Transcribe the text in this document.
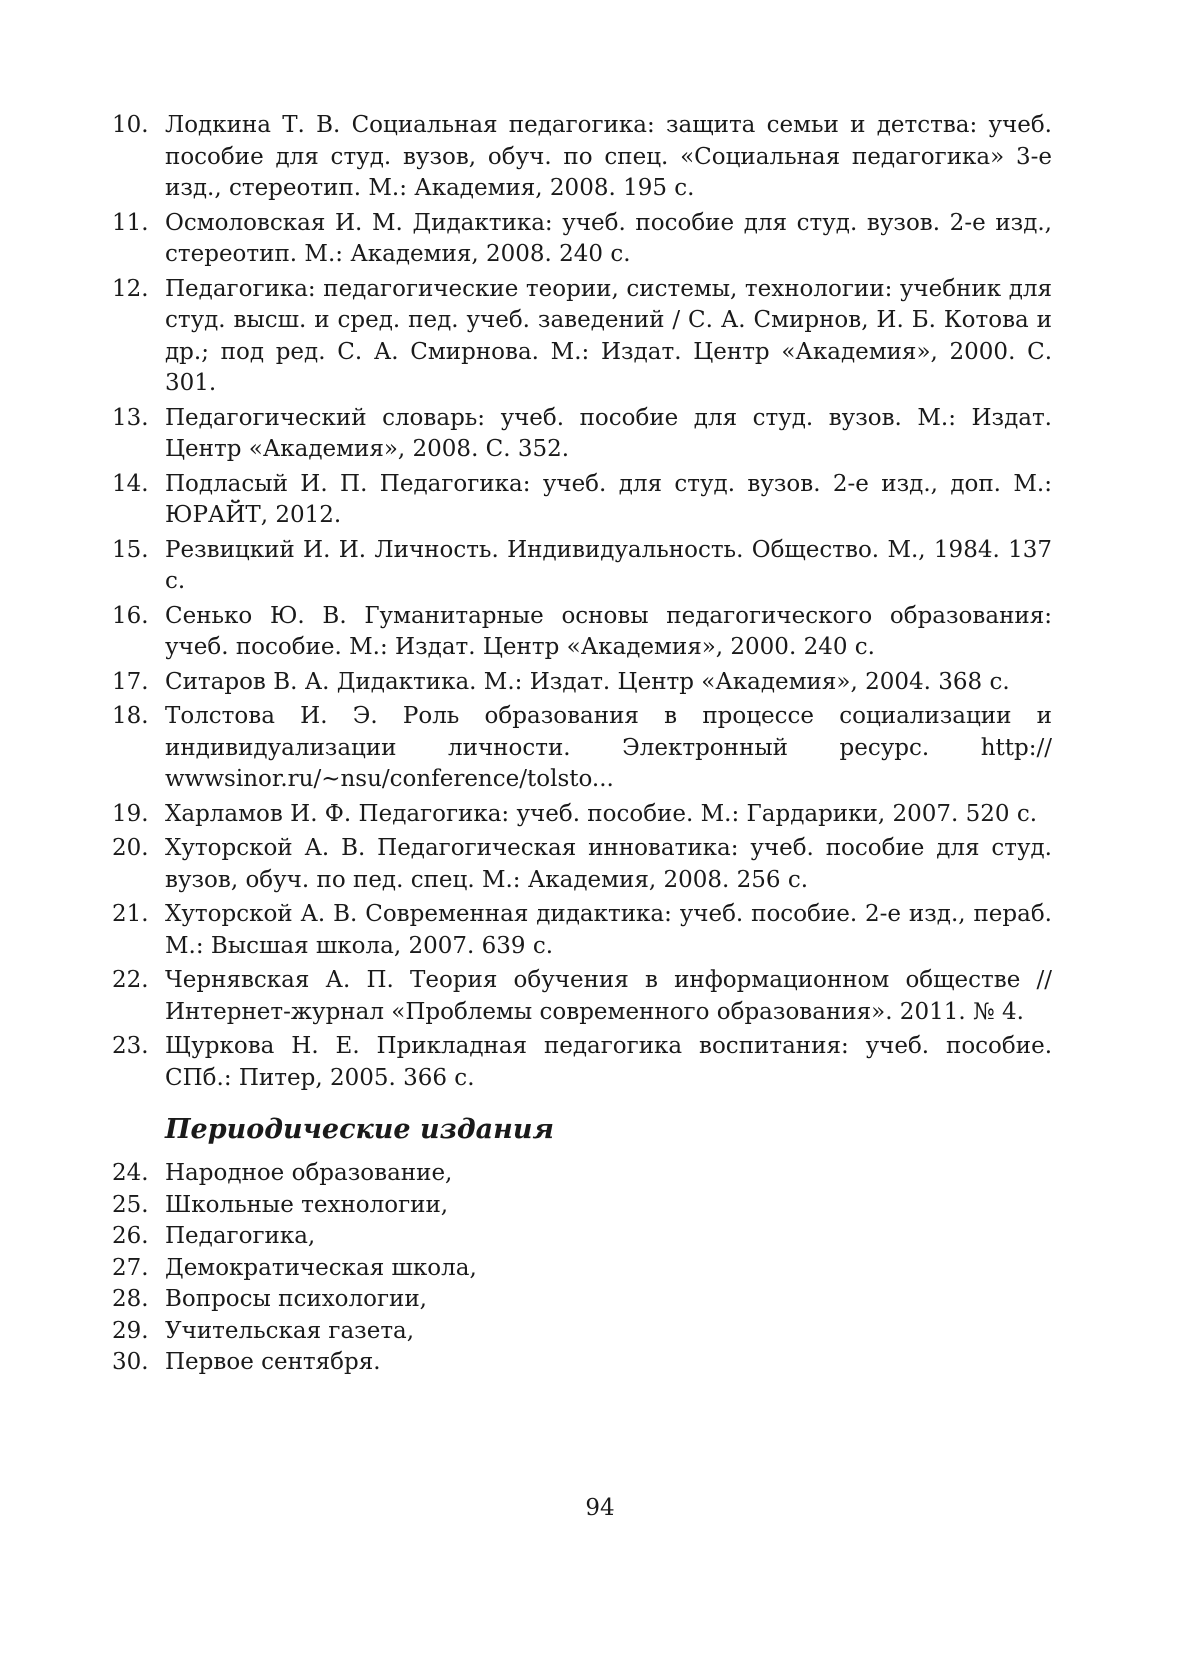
10. Лодкина Т. В. Социальная педагогика: защита семьи и детства: учеб. пособие для студ. вузов, обуч. по спец. «Социальная педагогика» 3-е изд., стереотип. М.: Академия, 2008. 195 с.
11. Осмоловская И. М. Дидактика: учеб. пособие для студ. вузов. 2-е изд., стереотип. М.: Академия, 2008. 240 с.
12. Педагогика: педагогические теории, системы, технологии: учебник для студ. высш. и сред. пед. учеб. заведений / С. А. Смирнов, И. Б. Котова и др.; под ред. С. А. Смирнова. М.: Издат. Центр «Академия», 2000. С. 301.
13. Педагогический словарь: учеб. пособие для студ. вузов. М.: Издат. Центр «Академия», 2008. С. 352.
14. Подласый И. П. Педагогика: учеб. для студ. вузов. 2-е изд., доп. М.: ЮРАЙТ, 2012.
15. Резвицкий И. И. Личность. Индивидуальность. Общество. М., 1984. 137 с.
16. Сенько Ю. В. Гуманитарные основы педагогического образования: учеб. пособие. М.: Издат. Центр «Академия», 2000. 240 с.
17. Ситаров В. А. Дидактика. М.: Издат. Центр «Академия», 2004. 368 с.
18. Толстова И. Э. Роль образования в процессе социализации и индивидуализации личности. Электронный ресурс. http:// wwwsinor.ru/~nsu/conference/tolsto...
19. Харламов И. Ф. Педагогика: учеб. пособие. М.: Гардарики, 2007. 520 с.
20. Хуторской А. В. Педагогическая инноватика: учеб. пособие для студ. вузов, обуч. по пед. спец. М.: Академия, 2008. 256 с.
21. Хуторской А. В. Современная дидактика: учеб. пособие. 2-е изд., пераб. М.: Высшая школа, 2007. 639 с.
22. Чернявская А. П. Теория обучения в информационном обществе // Интернет-журнал «Проблемы современного образования». 2011. № 4.
23. Щуркова Н. Е. Прикладная педагогика воспитания: учеб. пособие. СПб.: Питер, 2005. 366 с.
Периодические издания
24. Народное образование,
25. Школьные технологии,
26. Педагогика,
27. Демократическая школа,
28. Вопросы психологии,
29. Учительская газета,
30. Первое сентября.

94
